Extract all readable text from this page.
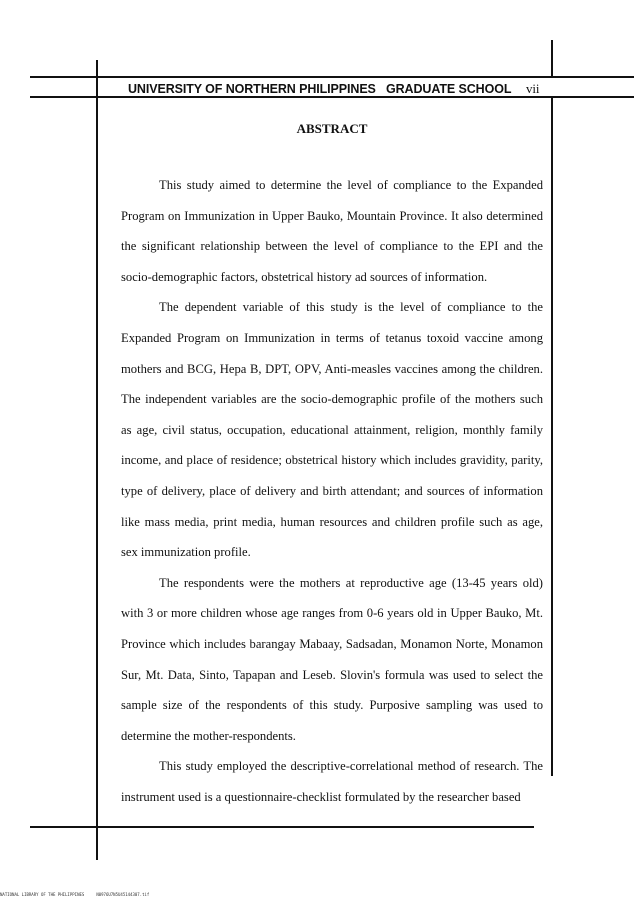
UNIVERSITY OF NORTHERN PHILIPPINES GRADUATE SCHOOL vii
ABSTRACT

This study aimed to determine the level of compliance to the Expanded Program on Immunization in Upper Bauko, Mountain Province. It also determined the significant relationship between the level of compliance to the EPI and the socio-demographic factors, obstetrical history ad sources of information.

The dependent variable of this study is the level of compliance to the Expanded Program on Immunization in terms of tetanus toxoid vaccine among mothers and BCG, Hepa B, DPT, OPV, Anti-measles vaccines among the children. The independent variables are the socio-demographic profile of the mothers such as age, civil status, occupation, educational attainment, religion, monthly family income, and place of residence; obstetrical history which includes gravidity, parity, type of delivery, place of delivery and birth attendant; and sources of information like mass media, print media, human resources and children profile such as age, sex immunization profile.

The respondents were the mothers at reproductive age (13-45 years old) with 3 or more children whose age ranges from 0-6 years old in Upper Bauko, Mt. Province which includes barangay Mabaay, Sadsadan, Monamon Norte, Monamon Sur, Mt. Data, Sinto, Tapapan and Leseb. Slovin's formula was used to select the sample size of the respondents of this study. Purposive sampling was used to determine the mother-respondents.

This study employed the descriptive-correlational method of research. The instrument used is a questionnaire-checklist formulated by the researcher based

NATIONAL LIBRARY OF THE PHILIPPINES     N0976U7N5U45144307.tif
